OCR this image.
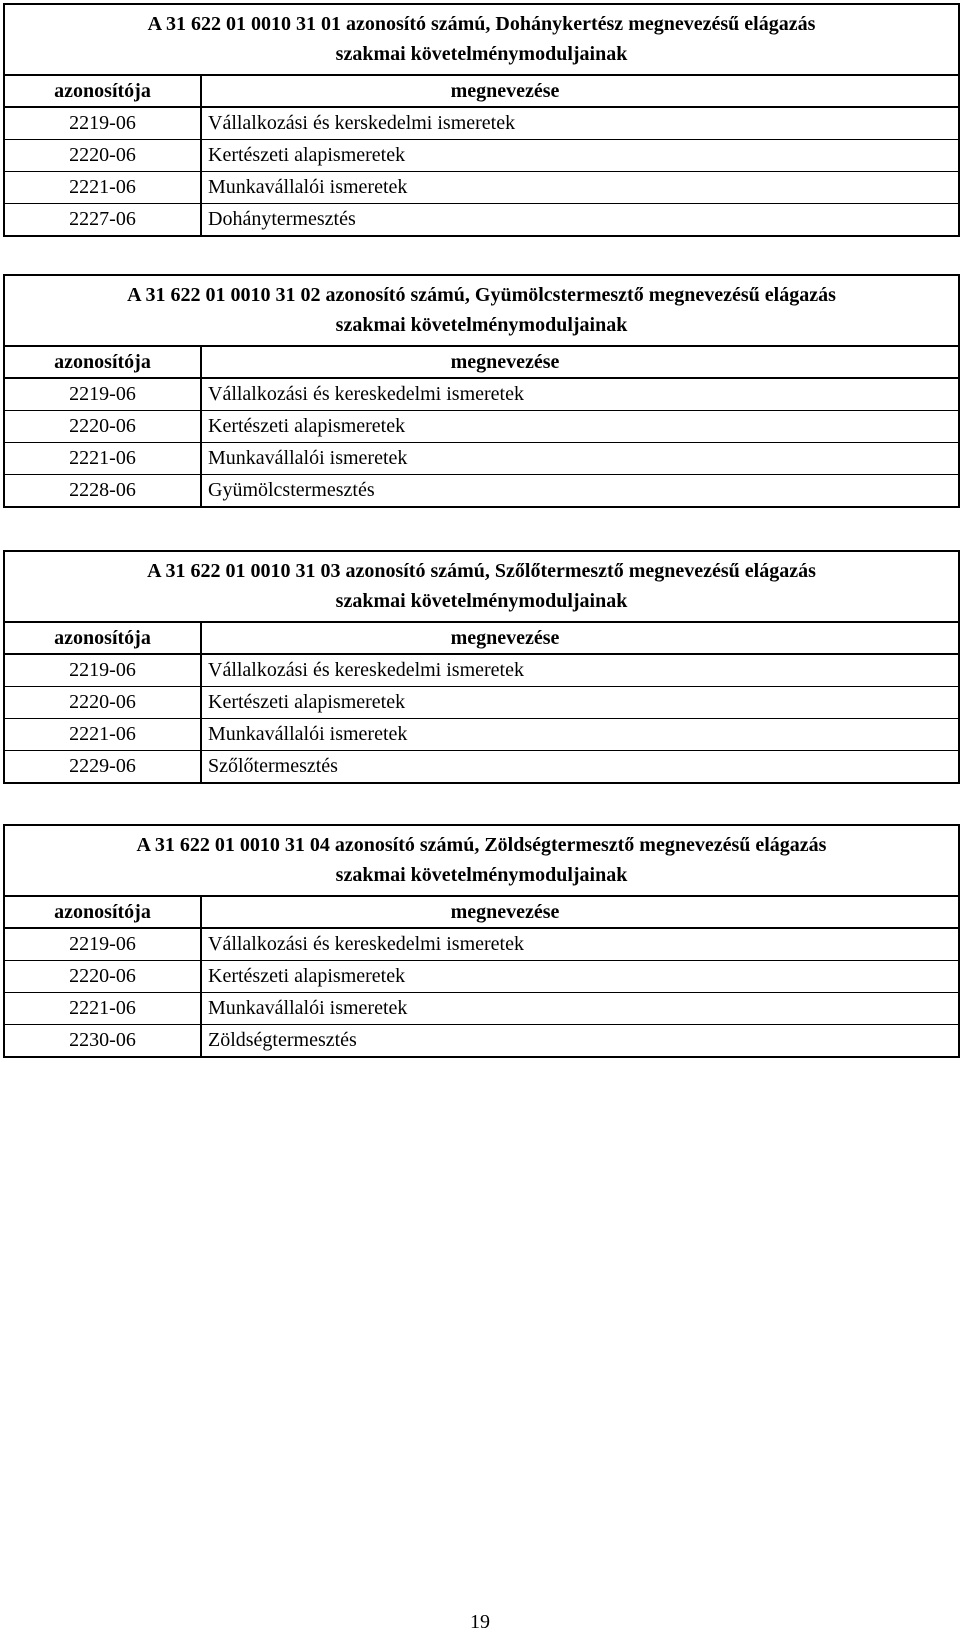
A 31 622 01 0010 31 01 azonosító számú, Dohánykertész megnevezésű elágazás
szakmai követelménymoduljainak	
azonosítója	megnevezése
2219-06	Vállalkozási és kerskedelmi ismeretek
2220-06	Kertészeti alapismeretek
2221-06	Munkavállalói ismeretek
2227-06	Dohánytermesztés
A 31 622 01 0010 31 02 azonosító számú, Gyümölcstermesztő megnevezésű elágazás
szakmai követelménymoduljainak	
azonosítója	megnevezése
2219-06	Vállalkozási és kereskedelmi ismeretek
2220-06	Kertészeti alapismeretek
2221-06	Munkavállalói ismeretek
2228-06	Gyümölcstermesztés
A 31 622 01 0010 31 03 azonosító számú, Szőlőtermesztő megnevezésű elágazás
szakmai követelménymoduljainak	
azonosítója	megnevezése
2219-06	Vállalkozási és kereskedelmi ismeretek
2220-06	Kertészeti alapismeretek
2221-06	Munkavállalói ismeretek
2229-06	Szőlőtermesztés
A 31 622 01 0010 31 04 azonosító számú, Zöldségtermesztő megnevezésű elágazás
szakmai követelménymoduljainak	
azonosítója	megnevezése
2219-06	Vállalkozási és kereskedelmi ismeretek
2220-06	Kertészeti alapismeretek
2221-06	Munkavállalói ismeretek
2230-06	Zöldségtermesztés
19
